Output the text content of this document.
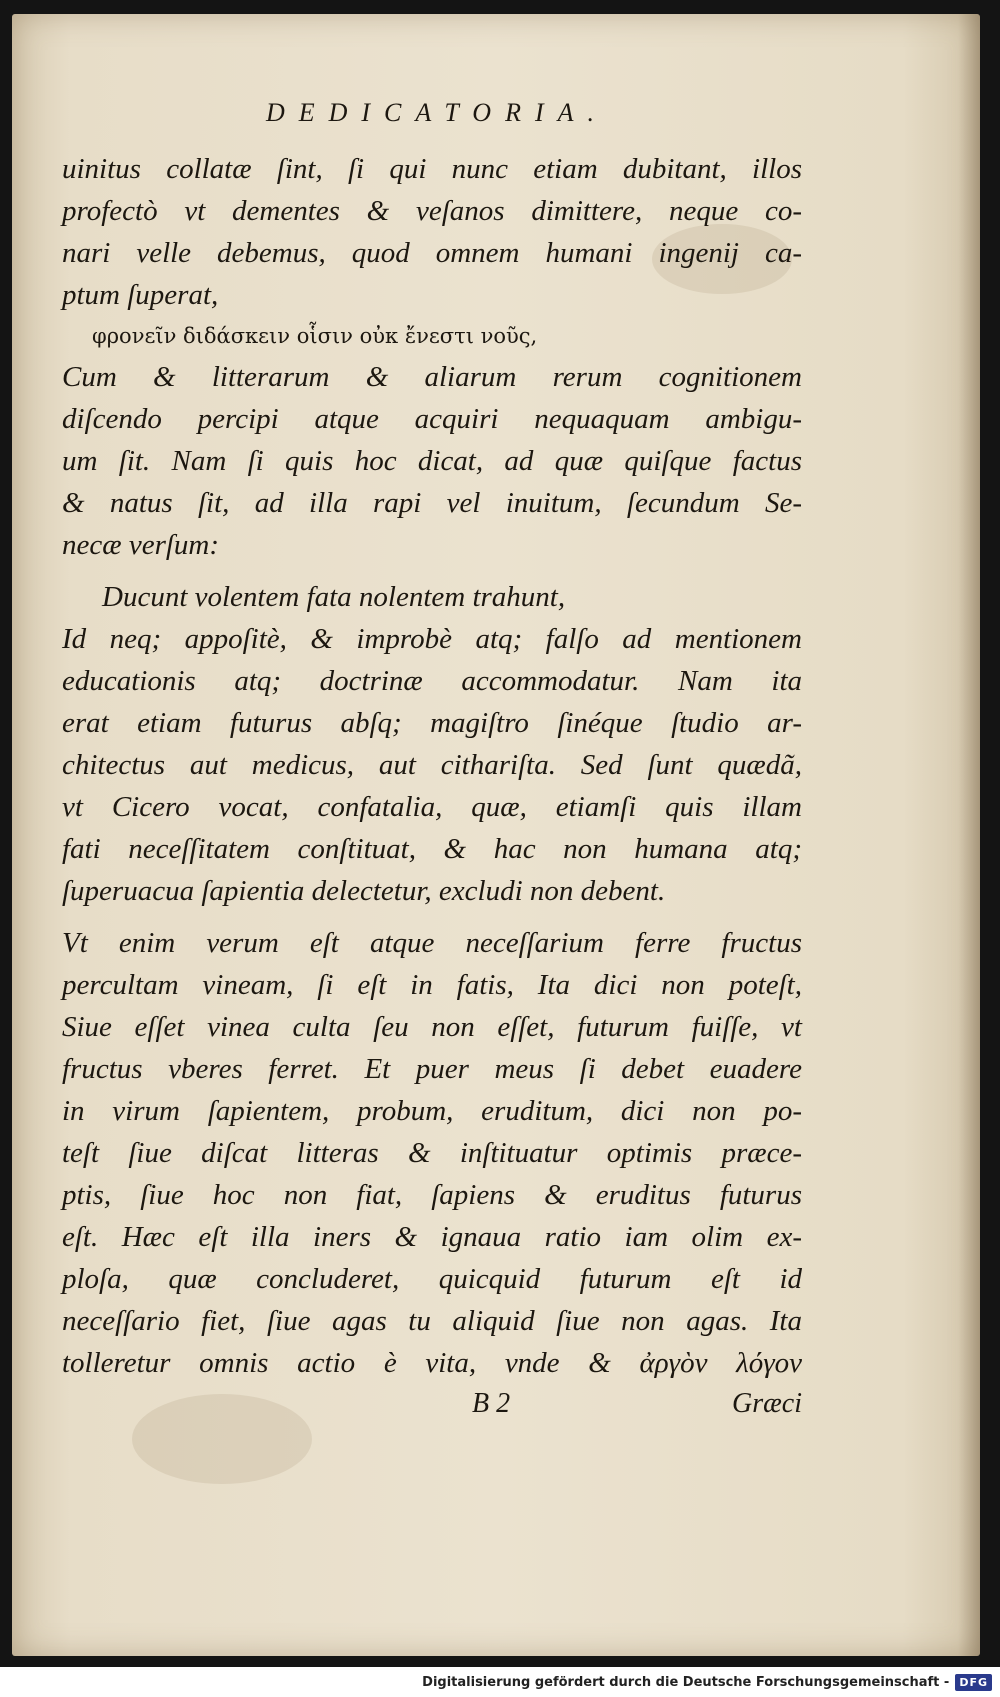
DEDICATORIA.
uinitus collatæ ſint, ſi qui nunc etiam dubitant, illos
profectò vt dementes & veſanos dimittere, neque co-
nari velle debemus, quod omnem humani ingenij ca-
ptum ſuperat,
φρονεῖν διδάσκειν οἷσιν οὐκ ἔνεστι νοῦς,
Cum & litterarum & aliarum rerum cognitionem
diſcendo percipi atque acquiri nequaquam ambigu-
um ſit. Nam ſi quis hoc dicat, ad quæ quiſque factus
& natus ſit, ad illa rapi vel inuitum, ſecundum Se-
necæ verſum:
Ducunt volentem fata nolentem trahunt,
Id neq; appoſitè, & improbè atq; falſo ad mentionem
educationis atq; doctrinæ accommodatur. Nam ita
erat etiam futurus abſq; magiſtro ſinéque ſtudio ar-
chitectus aut medicus, aut cithariſta. Sed ſunt quædã,
vt Cicero vocat, confatalia, quæ, etiamſi quis illam
fati neceſſitatem conſtituat, & hac non humana atq;
ſuperuacua ſapientia delectetur, excludi non debent.
Vt enim verum eſt atque neceſſarium ferre fructus
percultam vineam, ſi eſt in fatis, Ita dici non poteſt,
Siue eſſet vinea culta ſeu non eſſet, futurum fuiſſe, vt
fructus vberes ferret. Et puer meus ſi debet euadere
in virum ſapientem, probum, eruditum, dici non po-
teſt ſiue diſcat litteras & inſtituatur optimis præce-
ptis, ſiue hoc non fiat, ſapiens & eruditus futurus
eſt. Hæc eſt illa iners & ignaua ratio iam olim ex-
ploſa, quæ concluderet, quicquid futurum eſt id
neceſſario fiet, ſiue agas tu aliquid ſiue non agas. Ita
tolleretur omnis actio è vita, vnde & ἀργὸν λόγον
B 2	Græci
Digitalisierung gefördert durch die Deutsche Forschungsgemeinschaft - DFG
